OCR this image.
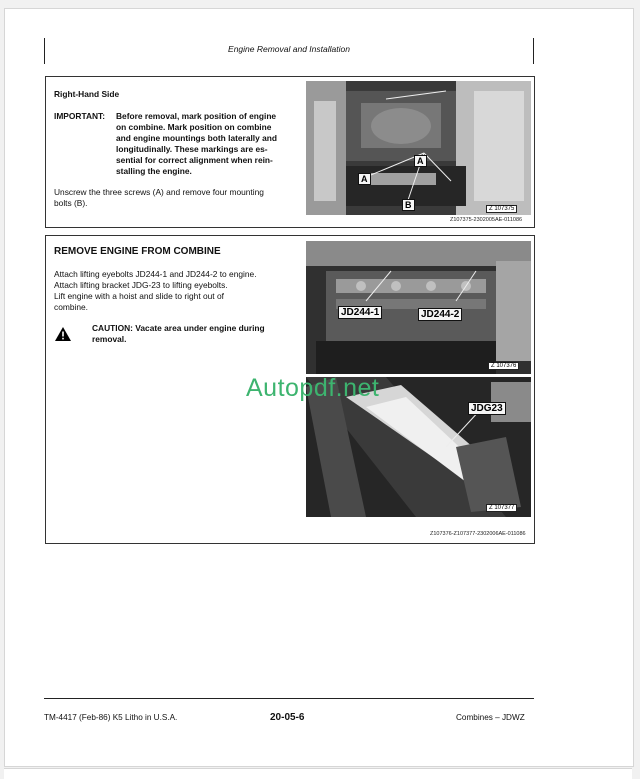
Engine Removal and Installation
Right-Hand Side
IMPORTANT: Before removal, mark position of engine
on combine. Mark position on combine
and engine mountings both laterally and
longitudinally. These markings are es-
sential for correct alignment when rein-
stalling the engine.
Unscrew the three screws (A) and remove four mounting
bolts (B).
A
A
B	Z 107375
Z107375-2302005AE-011086
REMOVE ENGINE FROM COMBINE
Attach lifting eyebolts JD244-1 and JD244-2 to engine.
Attach lifting bracket JDG-23 to lifting eyebolts.
Lift engine with a hoist and slide to right out of
combine.
CAUTION: Vacate area under engine during
removal.
JD244-1	JD244-2
Z 107376
JDG23
Z 107377
Z107376-Z107377-2302006AE-011086
Autopdf.net
TM-4417 (Feb-86) K5 Litho in U.S.A.	20-05-6	Combines – JDWZ
